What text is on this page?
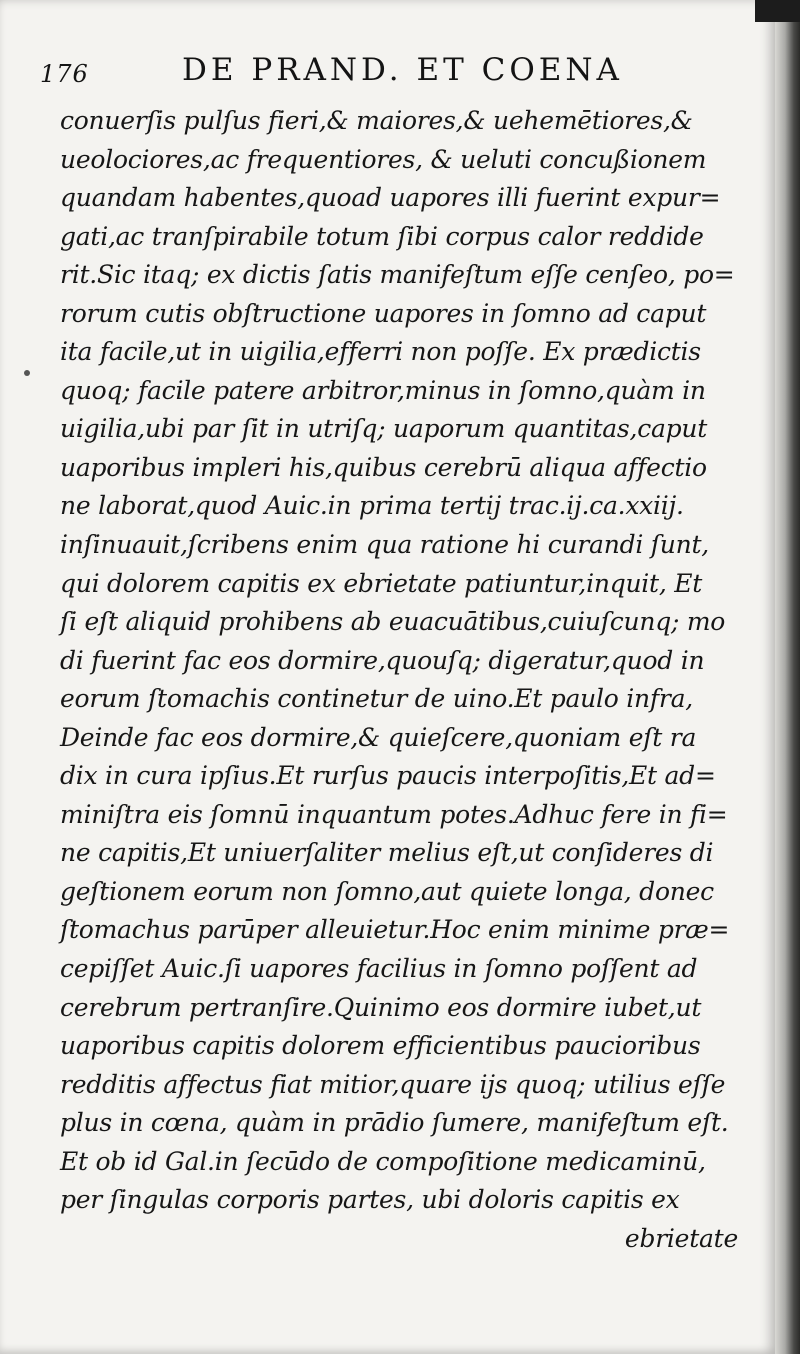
176	DE PRAND. ET COENA
conuerſis pulſus fieri,& maiores,& uehemētiores,&
ueolociores,ac frequentiores, & ueluti concußionem
quandam habentes,quoad uapores illi fuerint expur=
gati,ac tranſpirabile totum ſibi corpus calor reddide
rit.Sic itaq; ex dictis ſatis manifeſtum eſſe cenſeo, po=
rorum cutis obſtructione uapores in ſomno ad caput
ita facile,ut in uigilia,efferri non poſſe. Ex prædictis
quoq; facile patere arbitror,minus in ſomno,quàm in
uigilia,ubi par ſit in utriſq; uaporum quantitas,caput
uaporibus impleri his,quibus cerebrū aliqua affectio
ne laborat,quod Auic.in prima tertij trac.ij.ca.xxiij.
inſinuauit,ſcribens enim qua ratione hi curandi ſunt,
qui dolorem capitis ex ebrietate patiuntur,inquit, Et
ſi eſt aliquid prohibens ab euacuātibus,cuiuſcunq; mo
di fuerint fac eos dormire,quouſq; digeratur,quod in
eorum ſtomachis continetur de uino.Et paulo infra,
Deinde fac eos dormire,& quieſcere,quoniam eſt ra
dix in cura ipſius.Et rurſus paucis interpoſitis,Et ad=
miniſtra eis ſomnū inquantum potes.Adhuc fere in fi=
ne capitis,Et uniuerſaliter melius eſt,ut conſideres di
geſtionem eorum non ſomno,aut quiete longa, donec
ſtomachus parūper alleuietur.Hoc enim minime præ=
cepiſſet Auic.ſi uapores facilius in ſomno poſſent ad
cerebrum pertranſire.Quinimo eos dormire iubet,ut
uaporibus capitis dolorem efficientibus paucioribus
redditis affectus fiat mitior,quare ijs quoq; utilius eſſe
plus in cœna, quàm in prādio ſumere, manifeſtum eſt.
Et ob id Gal.in ſecūdo de compoſitione medicaminū,
per ſingulas corporis partes, ubi doloris capitis ex
ebrietate
